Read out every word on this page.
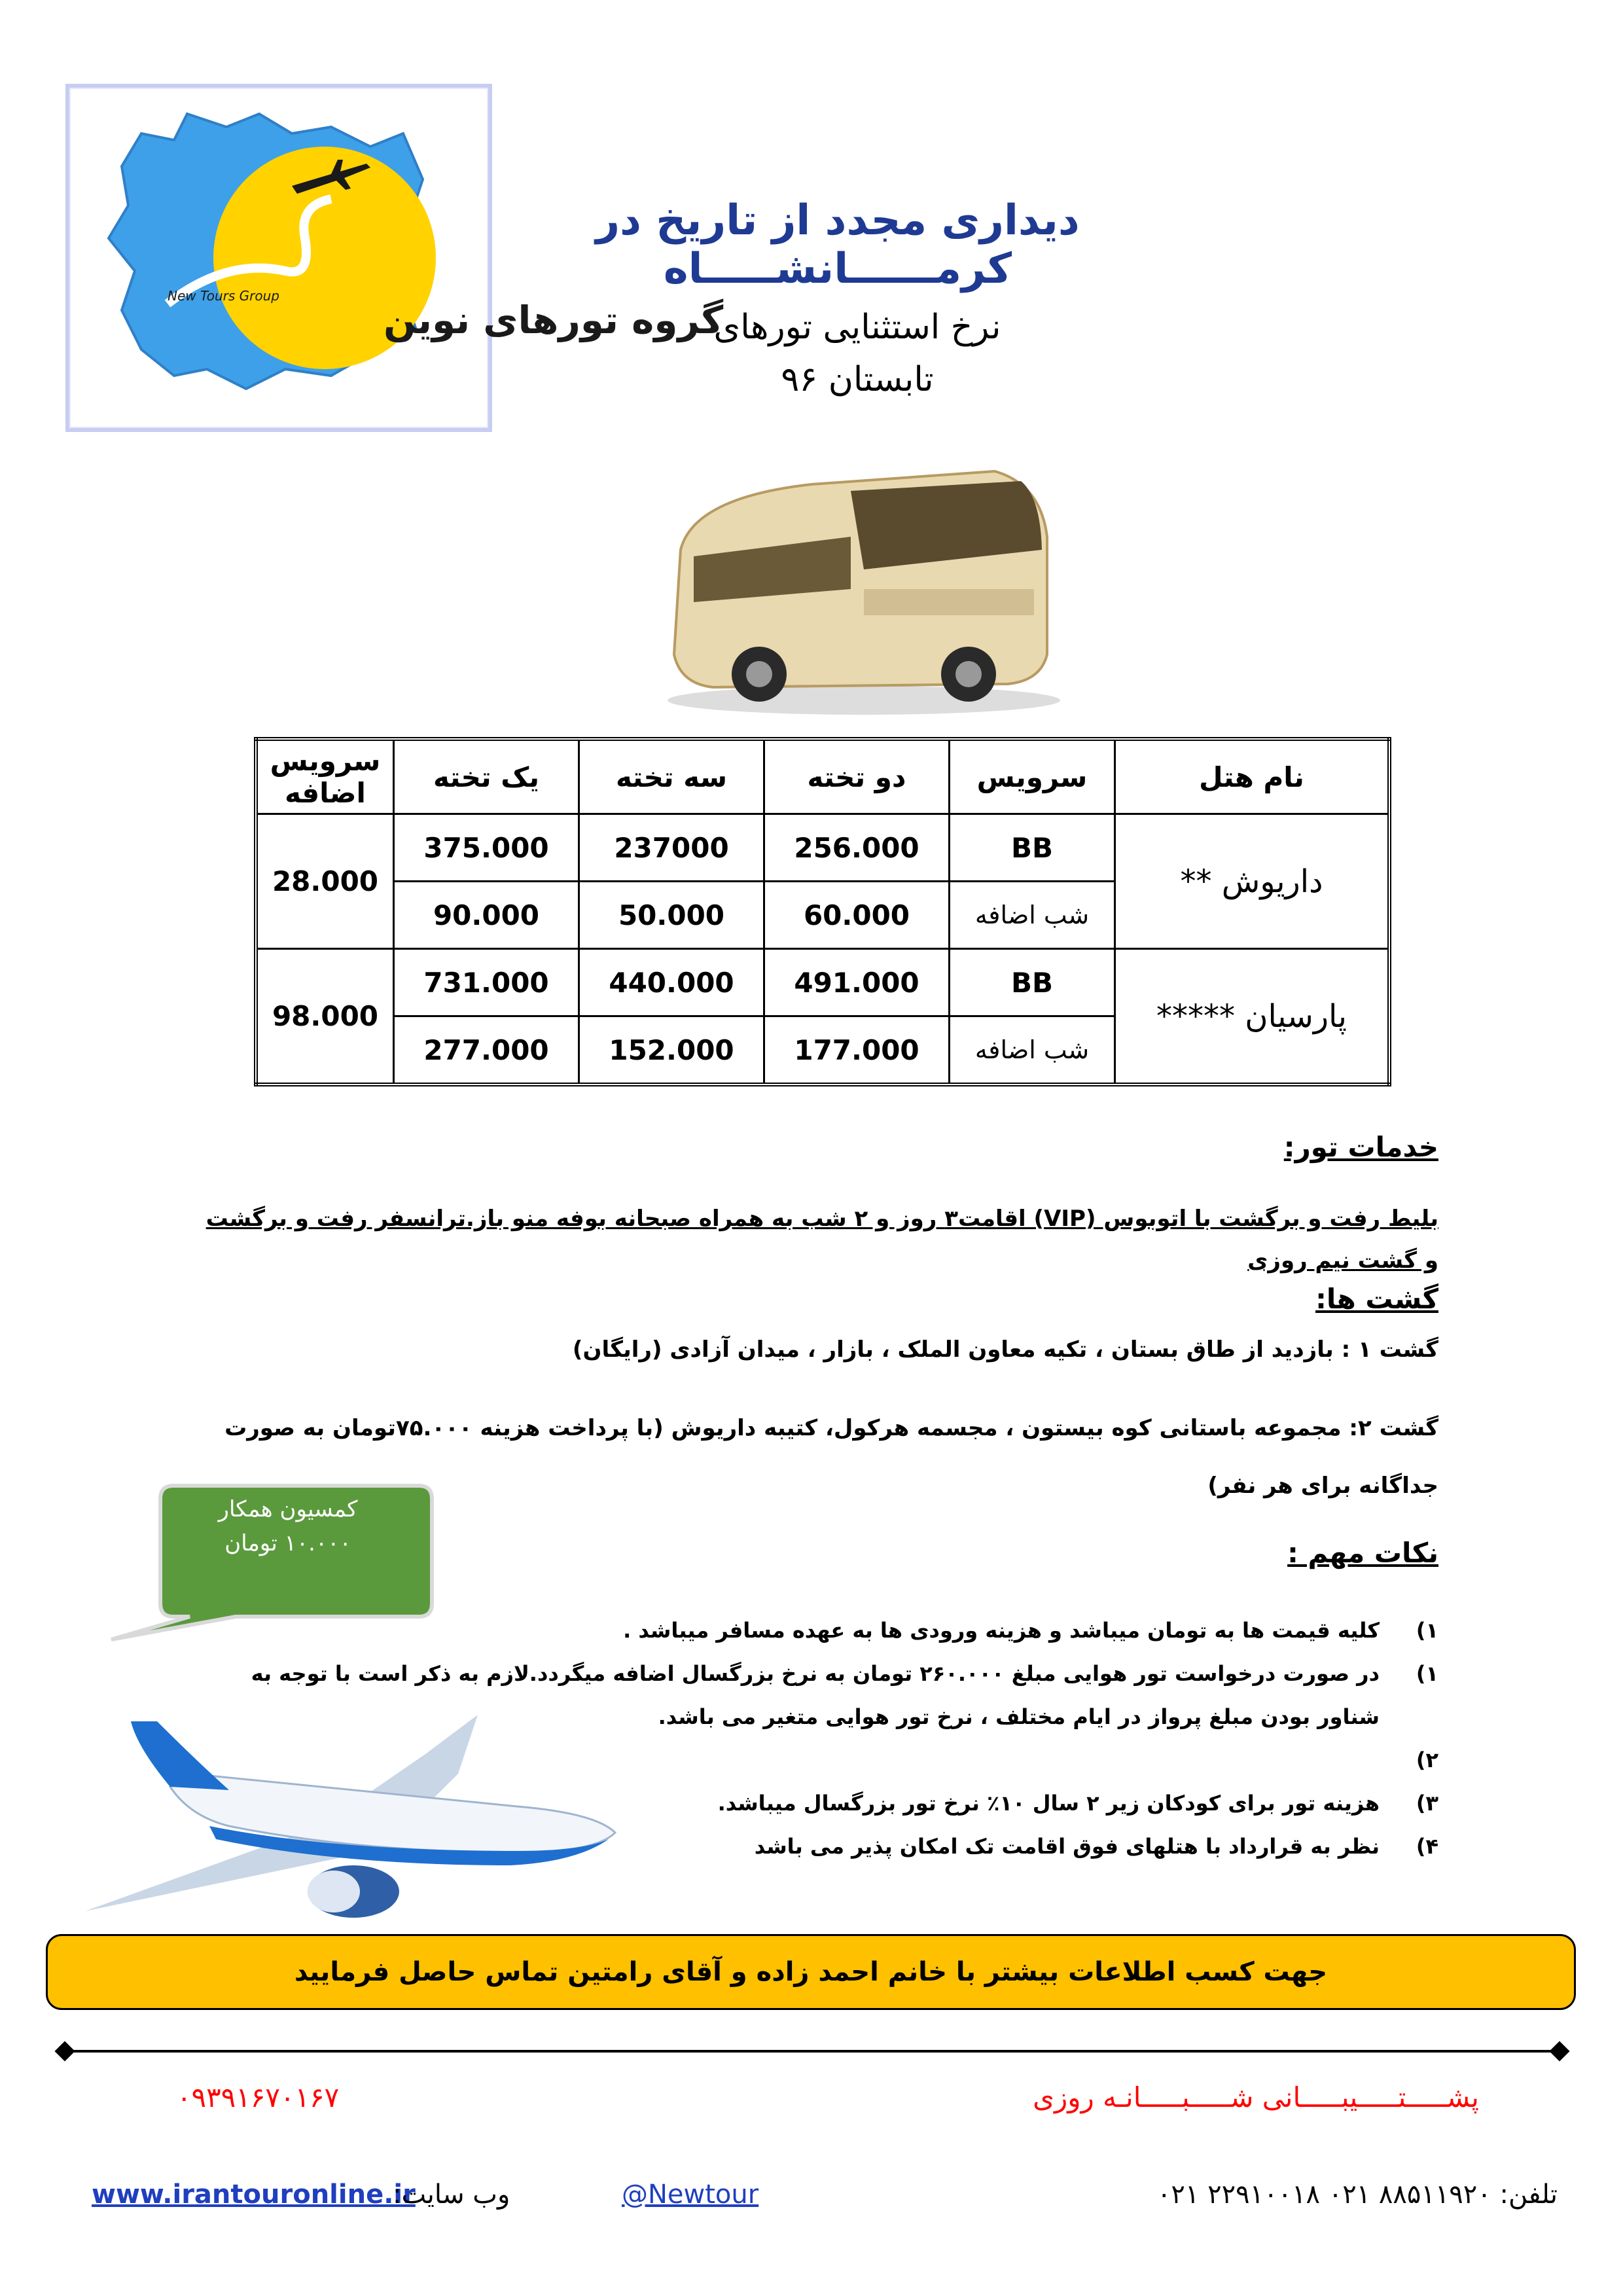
گروه تورهای نوین
New Tours Group
دیداری مجدد از تاریخ در کرمــــــانشـــــاه
نرخ استثنایی تورهای
تابستان ۹۶
نام هتل	سرویس	دو تخته	سه تخته	یک تخته	سرویس اضافه
داریوش **	BB	256.000	237000	375.000	28.000
	شب اضافه	60.000	50.000	90.000	
پارسیان *****	BB	491.000	440.000	731.000	98.000
	شب اضافه	177.000	152.000	277.000	
خدمات تور:
بلیط رفت و برگشت با اتوبوس (VIP) اقامت۳ روز و ۲ شب به همراه صبحانه بوفه منو باز.ترانسفر رفت و برگشت و گشت نیم روزی
گشت ها:
گشت ۱ : بازدید از طاق بستان ، تکیه معاون الملک ، بازار ، میدان آزادی (رایگان)
گشت ۲: مجموعه باستانی کوه بیستون ، مجسمه هرکول، کتیبه داریوش (با پرداخت هزینه ۷۵.۰۰۰تومان به صورت جداگانه برای هر نفر)
کمسیون همکار
۱۰.۰۰۰ تومان	نکات مهم :
۱)
کلیه قیمت ها به تومان میباشد و هزینه ورودی ها به عهده مسافر میباشد .
۱)
در صورت درخواست تور هوایی مبلغ ۲۶۰.۰۰۰ تومان به نرخ بزرگسال اضافه میگردد.لازم به ذکر است با توجه به شناور بودن مبلغ پرواز در ایام مختلف ، نرخ تور هوایی متغیر می باشد.
۲)
۳)
هزینه تور برای کودکان زیر ۲ سال ۱۰٪ نرخ تور بزرگسال میباشد.
۴)
نظر به قرارداد با هتلهای فوق اقامت تک امکان پذیر می باشد
جهت کسب اطلاعات بیشتر با خانم احمد زاده و آقای رامتین تماس حاصل فرمایید
پشـــــتـــــیبـــــانی شـــــبـــــانـه روزی
۰۹۳۹۱۶۷۰۱۶۷
www.irantouronline.ir
وب سایت:	@Newtour	تلفن: ۸۸۵۱۱۹۲۰ ۰۲۱ ۲۲۹۱۰۰۱۸ ۰۲۱
